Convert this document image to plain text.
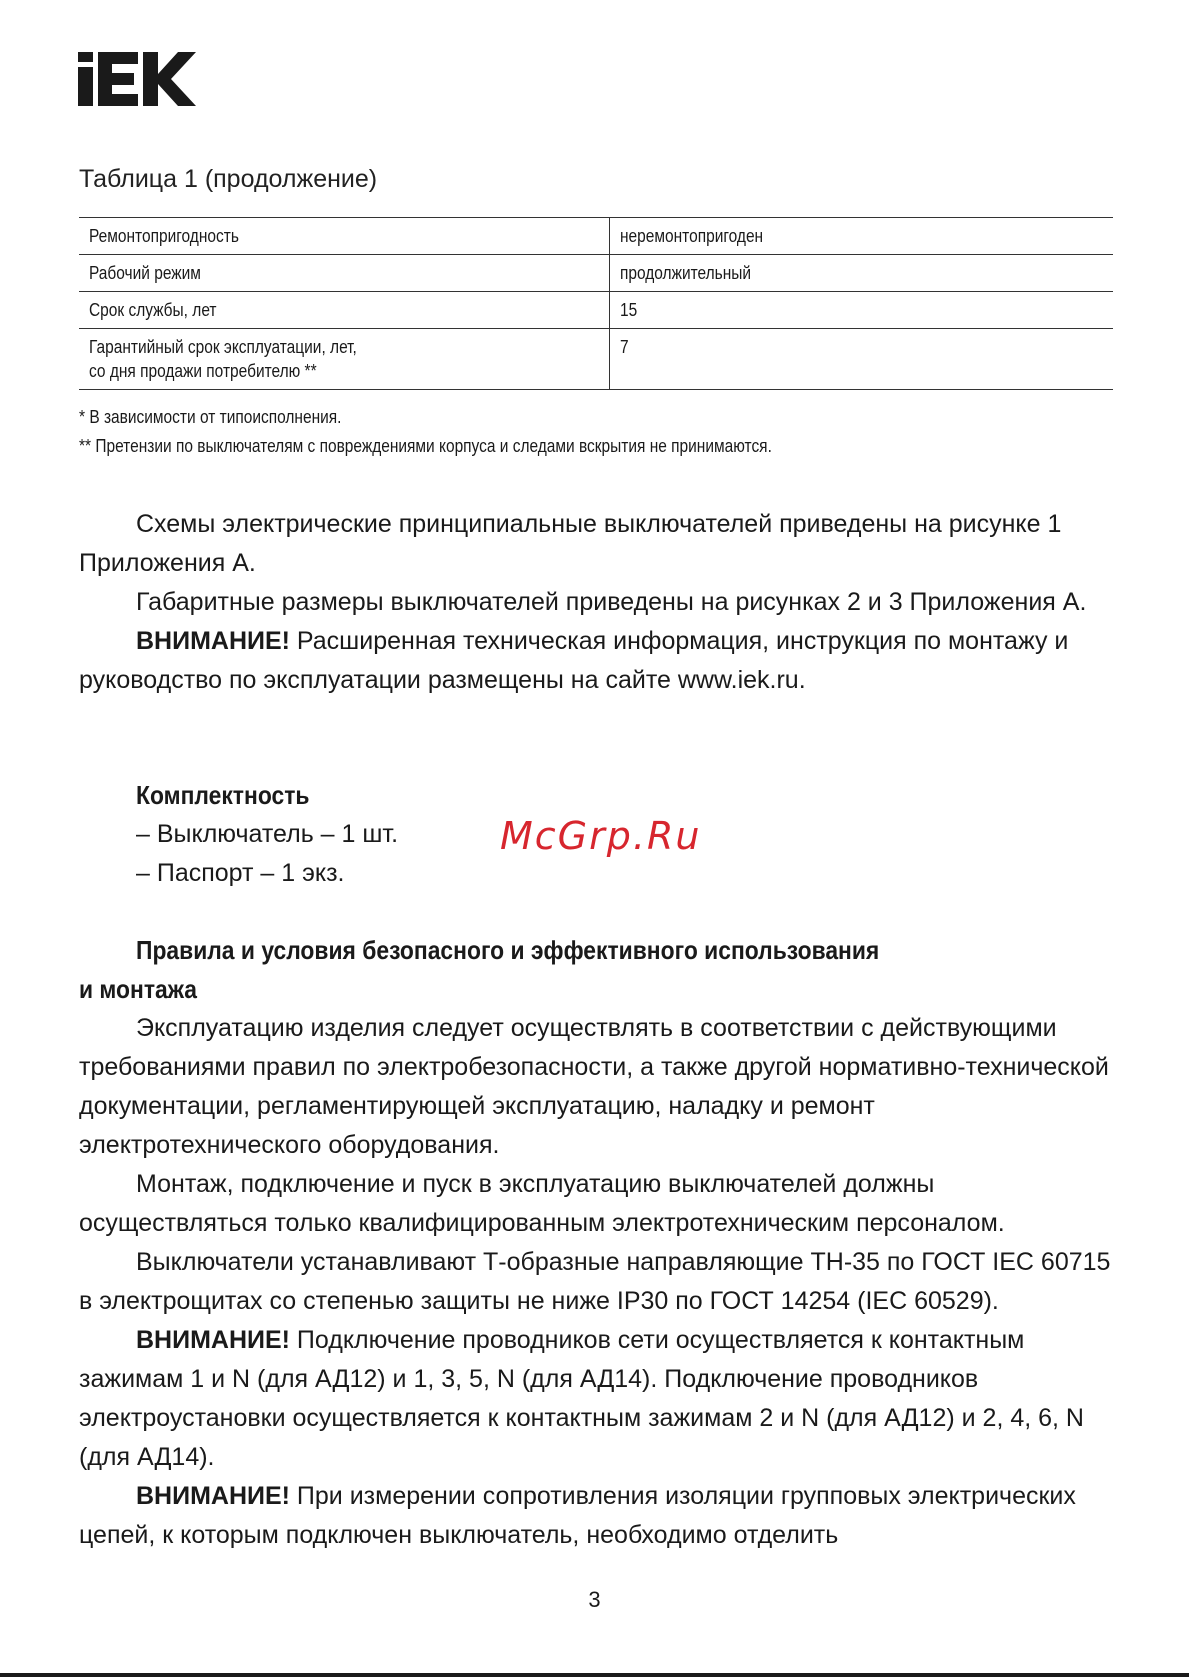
Таблица 1 (продолжение)
Ремонтопригодность	неремонтопригоден
Рабочий режим	продолжительный
Срок службы, лет	15
Гарантийный срок эксплуатации, лет,
со дня продажи потребителю **	7
* В зависимости от типоисполнения.
** Претензии по выключателям с повреждениями корпуса и следами вскрытия не принимаются.

Схемы электрические принципиальные выключателей приведены на рисунке 1 Приложения А.

Габаритные размеры выключателей приведены на рисунках 2 и 3 Приложения А.

ВНИМАНИЕ! Расширенная техническая информация, инструкция по монтажу и руководство по эксплуатации размещены на сайте www.iek.ru.

Комплектность

– Выключатель – 1 шт.

– Паспорт – 1 экз.

McGrp.Ru

Правила и условия безопасного и эффективного использования

и монтажа

Эксплуатацию изделия следует осуществлять в соответствии с действующими требованиями правил по электробезопасности, а также другой нормативно-технической документации, регламентирующей эксплуатацию, наладку и ремонт электротехнического оборудования.

Монтаж, подключение и пуск в эксплуатацию выключателей должны осуществляться только квалифицированным электротехническим персоналом.

Выключатели устанавливают Т-образные направляющие ТН-35 по ГОСТ IEC 60715 в электрощитах со степенью защиты не ниже IP30 по ГОСТ 14254 (IEC 60529).

ВНИМАНИЕ! Подключение проводников сети осуществляется к контактным зажимам 1 и N (для АД12) и 1, 3, 5, N (для АД14). Подключение проводников электроустановки осуществляется к контактным зажимам 2 и N (для АД12) и 2, 4, 6, N (для АД14).

ВНИМАНИЕ! При измерении сопротивления изоляции групповых электрических цепей, к которым подключен выключатель, необходимо отделить

3
